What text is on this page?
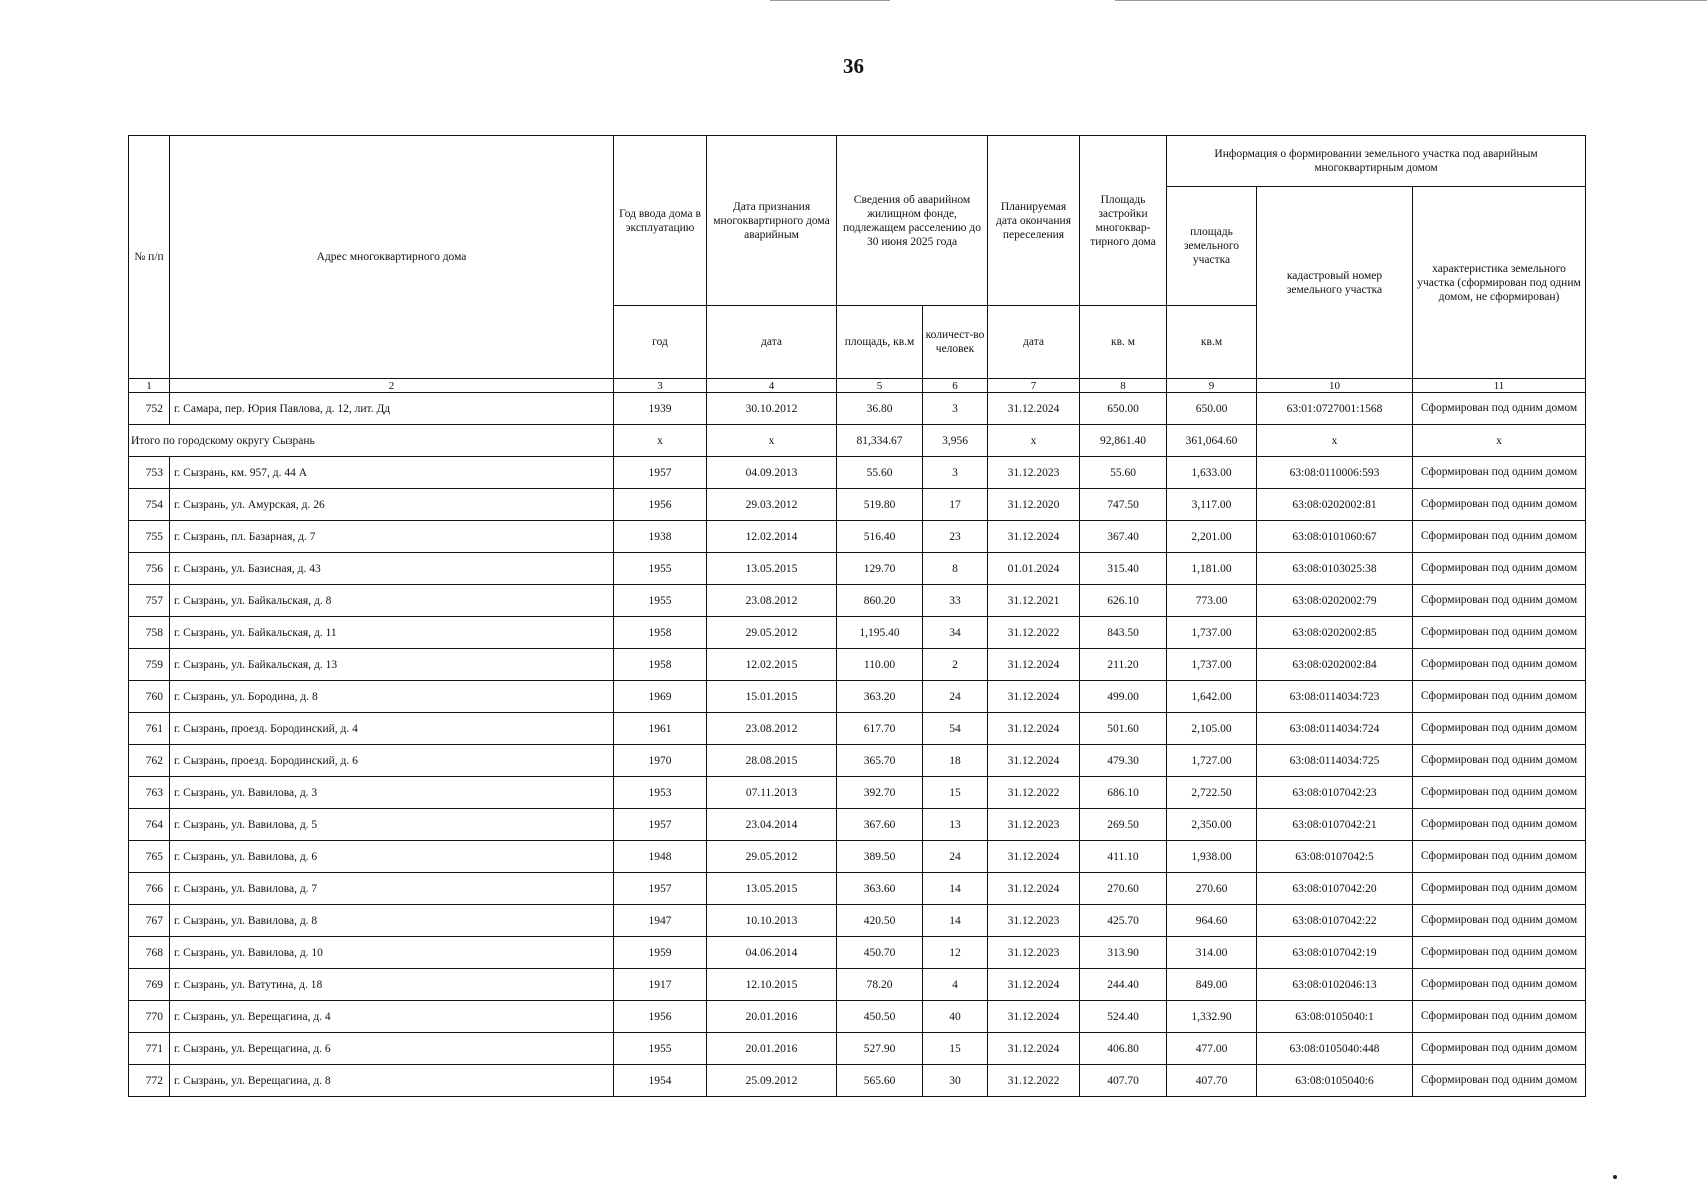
36
№ п/п	Адрес многоквартирного дома	Год ввода дома в эксплуатацию	Дата признания многоквартирного дома аварийным	Сведения об аварийном жилищном фонде, подлежащем расселению до 30 июня 2025 года		Планируемая дата окончания переселения	Площадь застройки многоквар-тирного дома	Информация о формировании земельного участка под аварийным многоквартирным домом		
								площадь земельного участка	кадастровый номер земельного участка	характеристика земельного участка (сформирован под одним домом, не сформирован)
		год	дата	площадь, кв.м	количест-во человек	дата	кв. м	кв.м		
1	2	3	4	5	6	7	8	9	10	11
752	г. Самара, пер. Юрия Павлова, д. 12, лит. Дд	1939	30.10.2012	36.80	3	31.12.2024	650.00	650.00	63:01:0727001:1568	Сформирован под одним домом
Итого по городскому округу Сызрань		x	x	81,334.67	3,956	x	92,861.40	361,064.60	x	x
753	г. Сызрань, км. 957, д. 44 А	1957	04.09.2013	55.60	3	31.12.2023	55.60	1,633.00	63:08:0110006:593	Сформирован под одним домом
754	г. Сызрань, ул. Амурская, д. 26	1956	29.03.2012	519.80	17	31.12.2020	747.50	3,117.00	63:08:0202002:81	Сформирован под одним домом
755	г. Сызрань, пл. Базарная, д. 7	1938	12.02.2014	516.40	23	31.12.2024	367.40	2,201.00	63:08:0101060:67	Сформирован под одним домом
756	г. Сызрань, ул. Базисная, д. 43	1955	13.05.2015	129.70	8	01.01.2024	315.40	1,181.00	63:08:0103025:38	Сформирован под одним домом
757	г. Сызрань, ул. Байкальская, д. 8	1955	23.08.2012	860.20	33	31.12.2021	626.10	773.00	63:08:0202002:79	Сформирован под одним домом
758	г. Сызрань, ул. Байкальская, д. 11	1958	29.05.2012	1,195.40	34	31.12.2022	843.50	1,737.00	63:08:0202002:85	Сформирован под одним домом
759	г. Сызрань, ул. Байкальская, д. 13	1958	12.02.2015	110.00	2	31.12.2024	211.20	1,737.00	63:08:0202002:84	Сформирован под одним домом
760	г. Сызрань, ул. Бородина, д. 8	1969	15.01.2015	363.20	24	31.12.2024	499.00	1,642.00	63:08:0114034:723	Сформирован под одним домом
761	г. Сызрань, проезд. Бородинский, д. 4	1961	23.08.2012	617.70	54	31.12.2024	501.60	2,105.00	63:08:0114034:724	Сформирован под одним домом
762	г. Сызрань, проезд. Бородинский, д. 6	1970	28.08.2015	365.70	18	31.12.2024	479.30	1,727.00	63:08:0114034:725	Сформирован под одним домом
763	г. Сызрань, ул. Вавилова, д. 3	1953	07.11.2013	392.70	15	31.12.2022	686.10	2,722.50	63:08:0107042:23	Сформирован под одним домом
764	г. Сызрань, ул. Вавилова, д. 5	1957	23.04.2014	367.60	13	31.12.2023	269.50	2,350.00	63:08:0107042:21	Сформирован под одним домом
765	г. Сызрань, ул. Вавилова, д. 6	1948	29.05.2012	389.50	24	31.12.2024	411.10	1,938.00	63:08:0107042:5	Сформирован под одним домом
766	г. Сызрань, ул. Вавилова, д. 7	1957	13.05.2015	363.60	14	31.12.2024	270.60	270.60	63:08:0107042:20	Сформирован под одним домом
767	г. Сызрань, ул. Вавилова, д. 8	1947	10.10.2013	420.50	14	31.12.2023	425.70	964.60	63:08:0107042:22	Сформирован под одним домом
768	г. Сызрань, ул. Вавилова, д. 10	1959	04.06.2014	450.70	12	31.12.2023	313.90	314.00	63:08:0107042:19	Сформирован под одним домом
769	г. Сызрань, ул. Ватутина, д. 18	1917	12.10.2015	78.20	4	31.12.2024	244.40	849.00	63:08:0102046:13	Сформирован под одним домом
770	г. Сызрань, ул. Верещагина, д. 4	1956	20.01.2016	450.50	40	31.12.2024	524.40	1,332.90	63:08:0105040:1	Сформирован под одним домом
771	г. Сызрань, ул. Верещагина, д. 6	1955	20.01.2016	527.90	15	31.12.2024	406.80	477.00	63:08:0105040:448	Сформирован под одним домом
772	г. Сызрань, ул. Верещагина, д. 8	1954	25.09.2012	565.60	30	31.12.2022	407.70	407.70	63:08:0105040:6	Сформирован под одним домом
